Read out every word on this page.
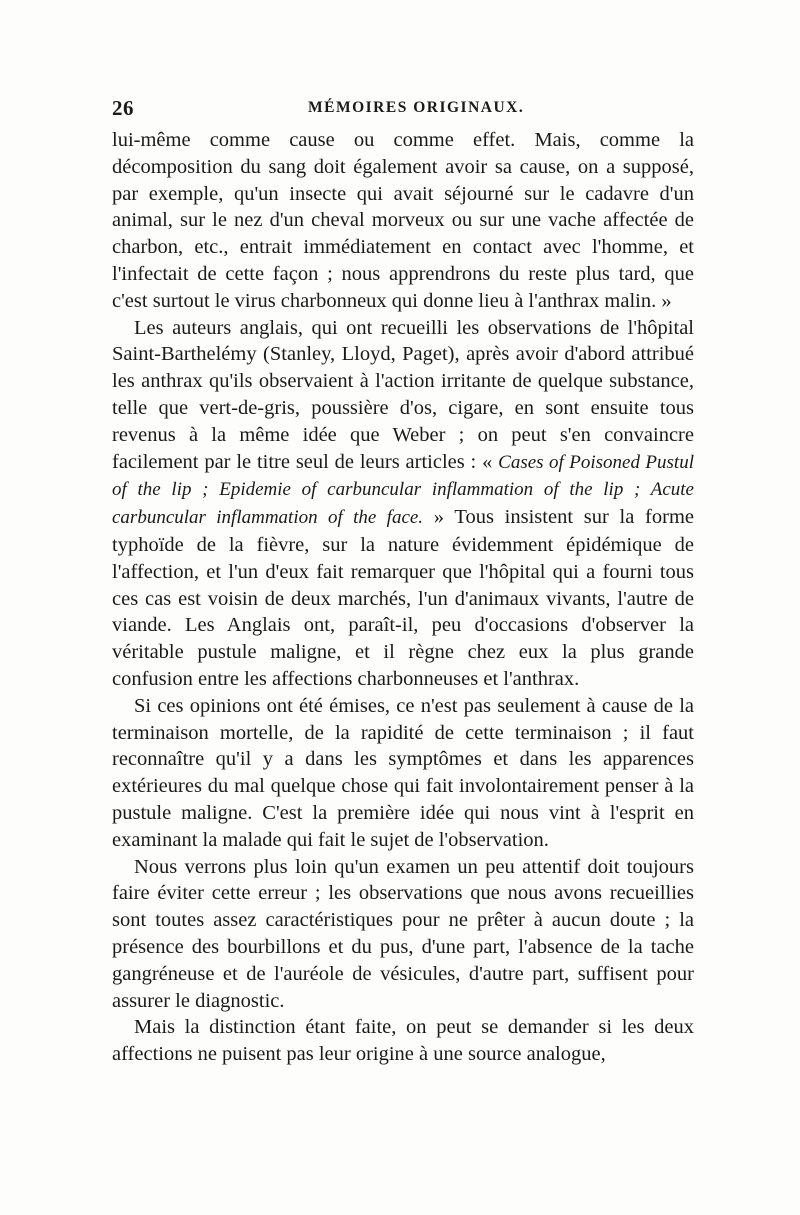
26	MÉMOIRES ORIGINAUX.

lui-même comme cause ou comme effet. Mais, comme la décomposition du sang doit également avoir sa cause, on a supposé, par exemple, qu'un insecte qui avait séjourné sur le cadavre d'un animal, sur le nez d'un cheval morveux ou sur une vache affectée de charbon, etc., entrait immédiatement en contact avec l'homme, et l'infectait de cette façon ; nous apprendrons du reste plus tard, que c'est surtout le virus charbonneux qui donne lieu à l'anthrax malin. »

Les auteurs anglais, qui ont recueilli les observations de l'hôpital Saint-Barthelémy (Stanley, Lloyd, Paget), après avoir d'abord attribué les anthrax qu'ils observaient à l'action irritante de quelque substance, telle que vert-de-gris, poussière d'os, cigare, en sont ensuite tous revenus à la même idée que Weber ; on peut s'en convaincre facilement par le titre seul de leurs articles : « Cases of Poisoned Pustul of the lip ; Epidemie of carbuncular inflammation of the lip ; Acute carbuncular inflammation of the face. » Tous insistent sur la forme typhoïde de la fièvre, sur la nature évidemment épidémique de l'affection, et l'un d'eux fait remarquer que l'hôpital qui a fourni tous ces cas est voisin de deux marchés, l'un d'animaux vivants, l'autre de viande. Les Anglais ont, paraît-il, peu d'occasions d'observer la véritable pustule maligne, et il règne chez eux la plus grande confusion entre les affections charbonneuses et l'anthrax.

Si ces opinions ont été émises, ce n'est pas seulement à cause de la terminaison mortelle, de la rapidité de cette terminaison ; il faut reconnaître qu'il y a dans les symptômes et dans les apparences extérieures du mal quelque chose qui fait involontairement penser à la pustule maligne. C'est la première idée qui nous vint à l'esprit en examinant la malade qui fait le sujet de l'observation.

Nous verrons plus loin qu'un examen un peu attentif doit toujours faire éviter cette erreur ; les observations que nous avons recueillies sont toutes assez caractéristiques pour ne prêter à aucun doute ; la présence des bourbillons et du pus, d'une part, l'absence de la tache gangréneuse et de l'auréole de vésicules, d'autre part, suffisent pour assurer le diagnostic.

Mais la distinction étant faite, on peut se demander si les deux affections ne puisent pas leur origine à une source analogue,
